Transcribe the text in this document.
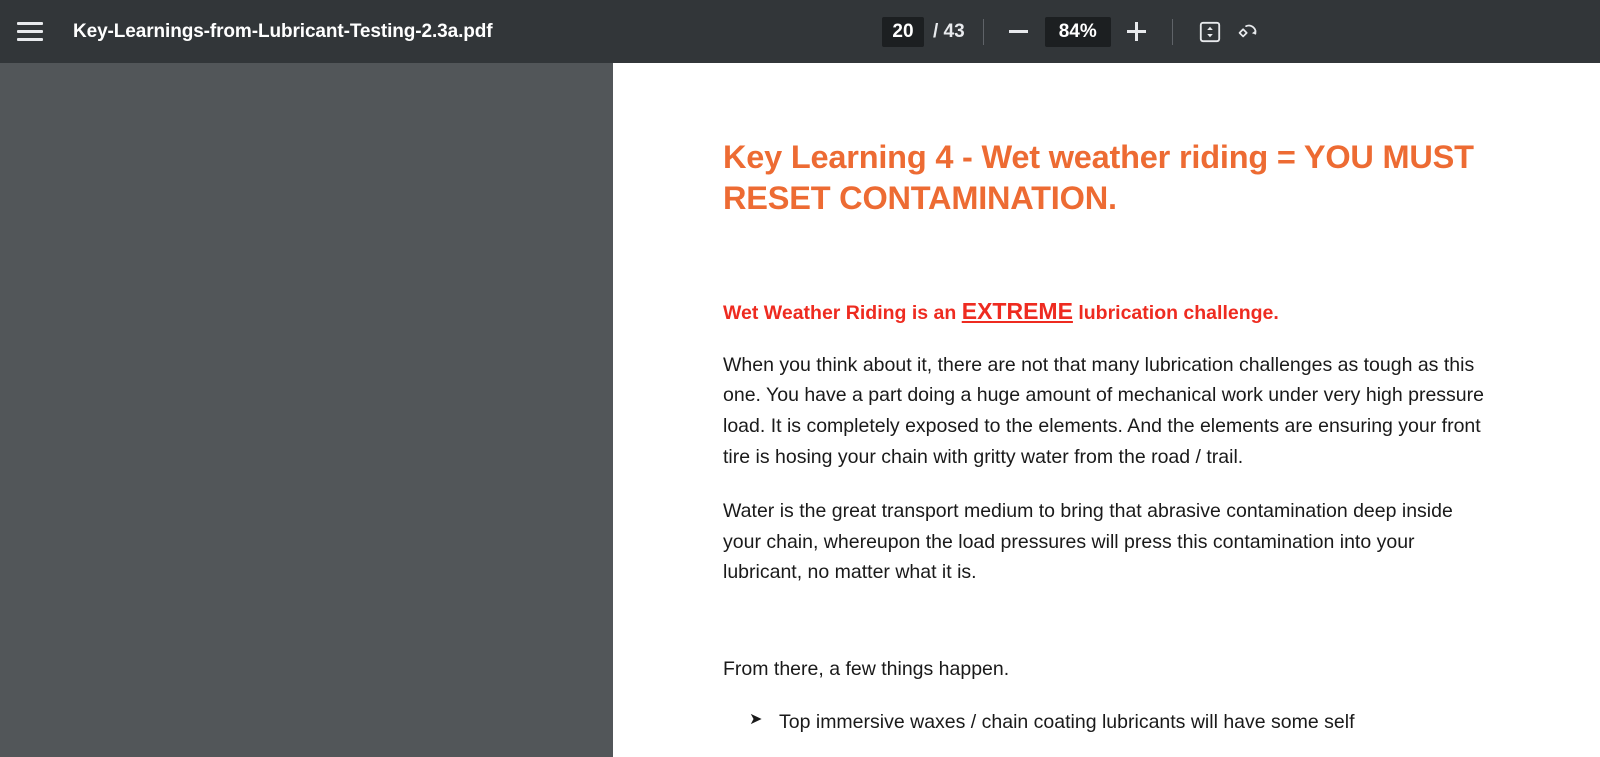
Key-Learnings-from-Lubricant-Testing-2.3a.pdf
20	/ 43
84%
Key Learning 4 - Wet weather riding = YOU MUST RESET CONTAMINATION.

Wet Weather Riding is an EXTREME lubrication challenge.

When you think about it, there are not that many lubrication challenges as tough as this one. You have a part doing a huge amount of mechanical work under very high pressure load. It is completely exposed to the elements. And the elements are ensuring your front tire is hosing your chain with gritty water from the road / trail.

Water is the great transport medium to bring that abrasive contamination deep inside your chain, whereupon the load pressures will press this contamination into your lubricant, no matter what it is.

From there, a few things happen.

➤ Top immersive waxes / chain coating lubricants will have some self
